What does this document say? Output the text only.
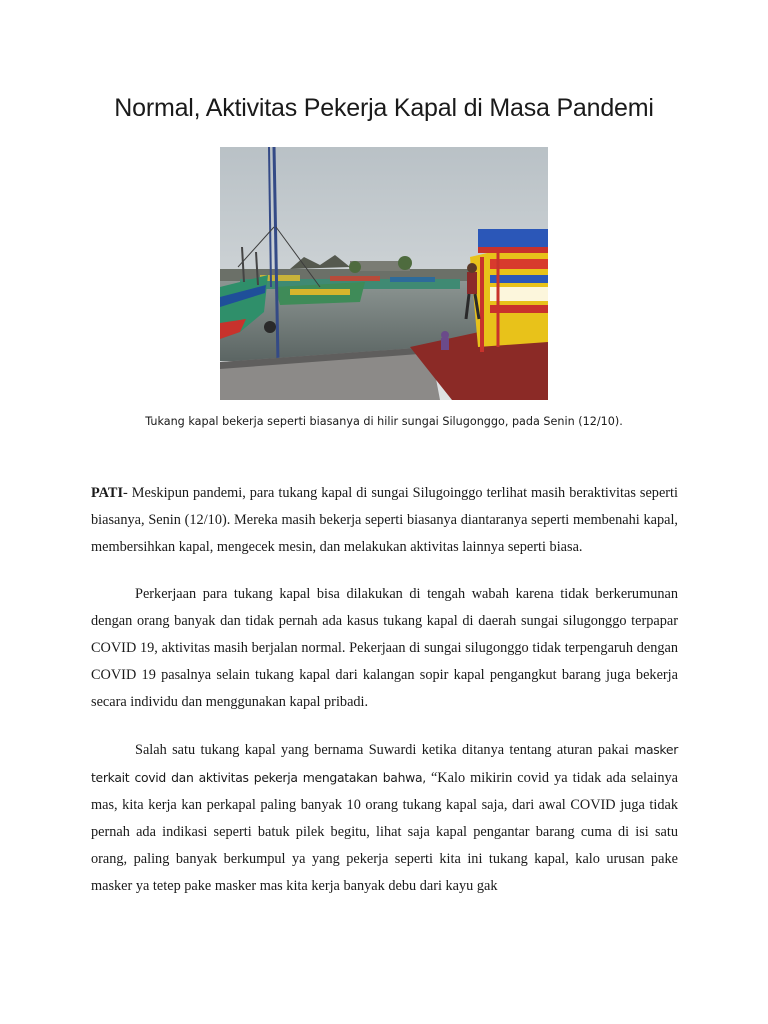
Normal, Aktivitas Pekerja Kapal di Masa Pandemi

Tukang kapal bekerja seperti biasanya di hilir sungai Silugonggo, pada Senin (12/10).

PATI- Meskipun pandemi, para tukang kapal di sungai Silugoinggo terlihat masih beraktivitas seperti biasanya, Senin (12/10). Mereka masih bekerja seperti biasanya diantaranya seperti membenahi kapal, membersihkan kapal, mengecek mesin, dan melakukan aktivitas lainnya seperti biasa.

Perkerjaan para tukang kapal bisa dilakukan di tengah wabah karena tidak berkerumunan dengan orang banyak dan tidak pernah ada kasus tukang kapal di daerah sungai silugonggo terpapar COVID 19, aktivitas masih berjalan normal. Pekerjaan di sungai silugonggo tidak terpengaruh dengan COVID 19 pasalnya selain tukang kapal dari kalangan sopir kapal pengangkut barang juga bekerja secara individu dan menggunakan kapal pribadi.

Salah satu tukang kapal yang bernama Suwardi ketika ditanya tentang aturan pakai masker terkait covid dan aktivitas pekerja mengatakan bahwa, “Kalo mikirin covid ya tidak ada selainya mas, kita kerja kan perkapal paling banyak 10 orang tukang kapal saja, dari awal COVID juga tidak pernah ada indikasi seperti batuk pilek begitu, lihat saja kapal pengantar barang cuma di isi satu orang, paling banyak berkumpul ya yang pekerja seperti kita ini tukang kapal, kalo urusan pake masker ya tetep pake masker mas kita kerja banyak debu dari kayu gak
